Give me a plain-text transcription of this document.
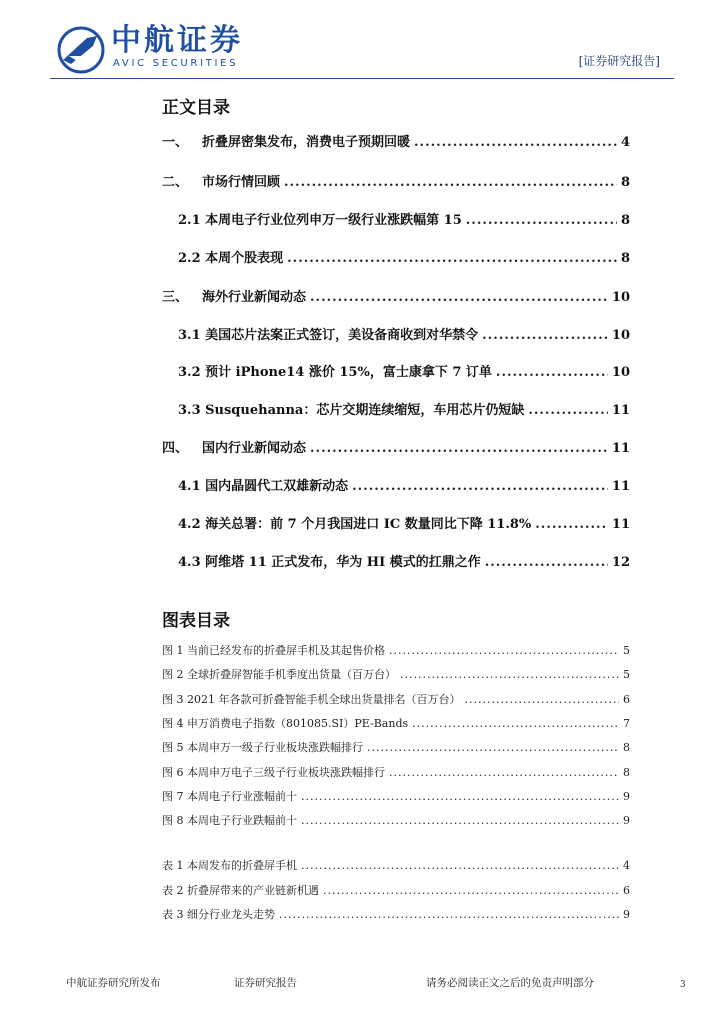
中航证券
AVIC SECURITIES	[证券研究报告]
正文目录
一、	折叠屏密集发布，消费电子预期回暖 .....	4
二、	市场行情回顾 .....	8
2.1 本周电子行业位列申万一级行业涨跌幅第 15 .....	8
2.2 本周个股表现 .....	8
三、	海外行业新闻动态 .....	10
3.1 美国芯片法案正式签订，美设备商收到对华禁令 .....	10
3.2 预计 iPhone14 涨价 15%，富士康拿下 7 订单 .....	10
3.3 Susquehanna：芯片交期连续缩短，车用芯片仍短缺 .....	11
四、	国内行业新闻动态 .....	11
4.1 国内晶圆代工双雄新动态 .....	11
4.2 海关总署：前 7 个月我国进口 IC 数量同比下降 11.8% .....	11
4.3 阿维塔 11 正式发布，华为 HI 模式的扛鼎之作 .....	12
图表目录
图 1 当前已经发布的折叠屏手机及其起售价格 .....	5
图 2 全球折叠屏智能手机季度出货量（百万台） .....	5
图 3 2021 年各款可折叠智能手机全球出货量排名（百万台） .....	6
图 4 申万消费电子指数（801085.SI）PE-Bands .....	7
图 5 本周申万一级子行业板块涨跌幅排行 .....	8
图 6 本周申万电子三级子行业板块涨跌幅排行 .....	8
图 7 本周电子行业涨幅前十 .....	9
图 8 本周电子行业跌幅前十 .....	9
表 1 本周发布的折叠屏手机 .....	4
表 2 折叠屏带来的产业链新机遇 .....	6
表 3 细分行业龙头走势 .....	9
中航证券研究所发布	证券研究报告	请务必阅读正文之后的免责声明部分	3
